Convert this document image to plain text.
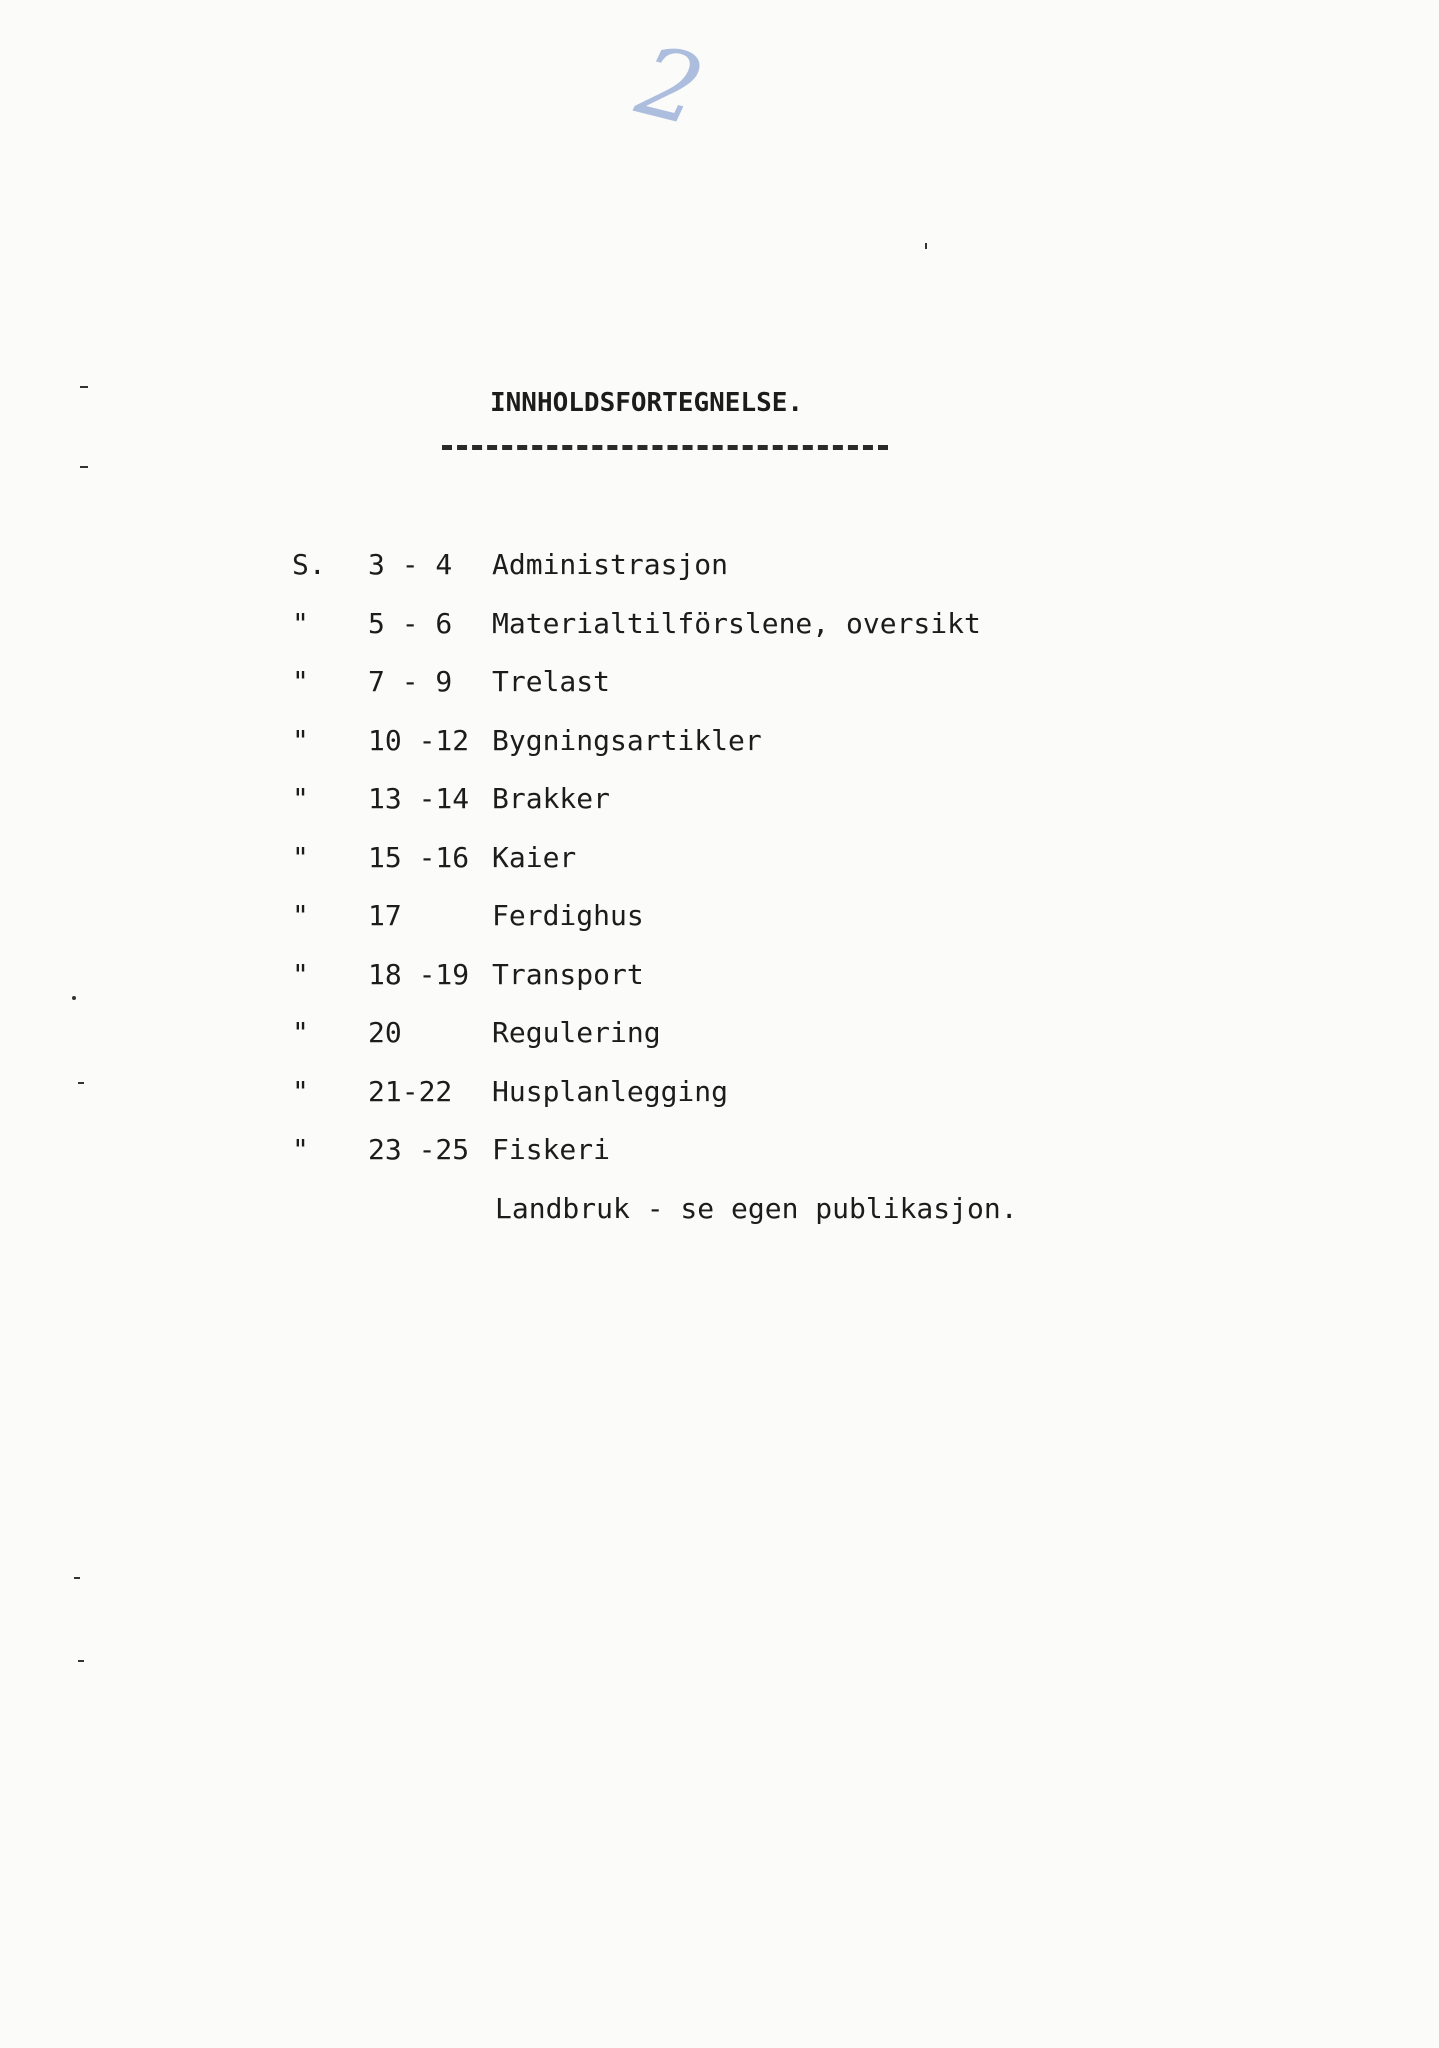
2
INNHOLDSFORTEGNELSE.
S. 3 - 4 Administrasjon
" 5 - 6 Materialtilförslene, oversikt
" 7 - 9 Trelast
" 10 -12 Bygningsartikler
" 13 -14 Brakker
" 15 -16 Kaier
" 17	Ferdighus
" 18 -19 Transport
" 20	Regulering
" 21-22 Husplanlegging
" 23 -25 Fiskeri
Landbruk - se egen publikasjon.
